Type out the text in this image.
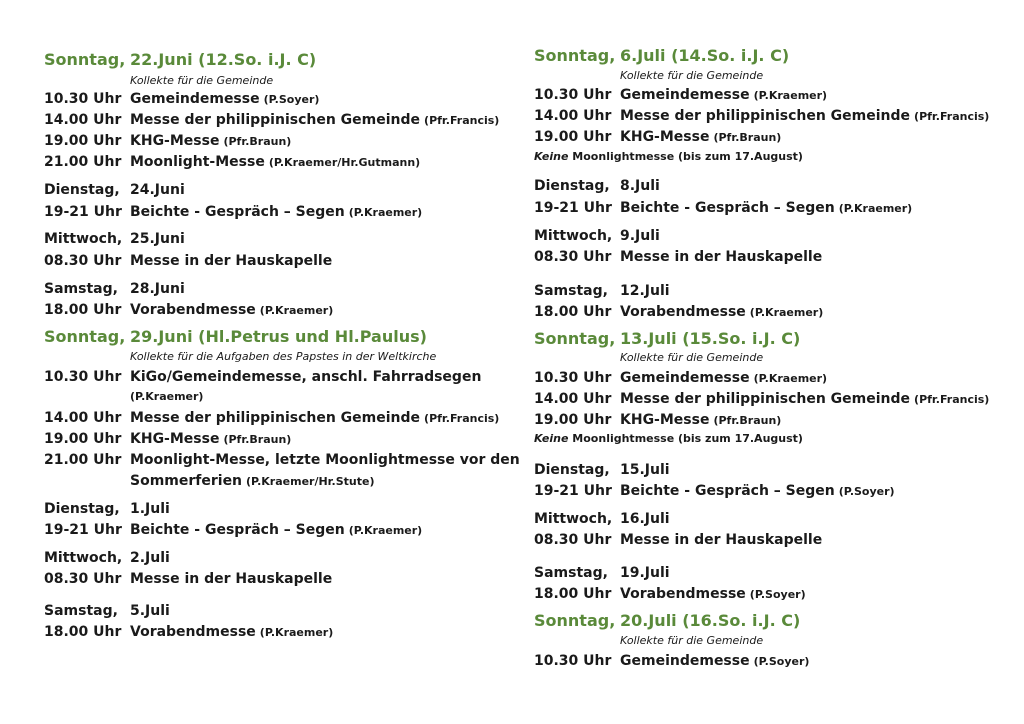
Sonntag, 22.Juni (12.So. i.J. C)
Kollekte für die Gemeinde
10.30 Uhr Gemeindemesse (P.Soyer)
14.00 Uhr Messe der philippinischen Gemeinde (Pfr.Francis)
19.00 Uhr KHG-Messe (Pfr.Braun)
21.00 Uhr Moonlight-Messe (P.Kraemer/Hr.Gutmann)
Dienstag, 24.Juni
19-21 Uhr Beichte - Gespräch – Segen (P.Kraemer)
Mittwoch, 25.Juni
08.30 Uhr Messe in der Hauskapelle
Samstag, 28.Juni
18.00 Uhr Vorabendmesse (P.Kraemer)
Sonntag, 29.Juni (Hl.Petrus und Hl.Paulus)
Kollekte für die Aufgaben des Papstes in der Weltkirche
10.30 Uhr KiGo/Gemeindemesse, anschl. Fahrradsegen
(P.Kraemer)
14.00 Uhr Messe der philippinischen Gemeinde (Pfr.Francis)
19.00 Uhr KHG-Messe (Pfr.Braun)
21.00 Uhr Moonlight-Messe, letzte Moonlightmesse vor den
Sommerferien (P.Kraemer/Hr.Stute)
Dienstag, 1.Juli
19-21 Uhr Beichte - Gespräch – Segen (P.Kraemer)
Mittwoch, 2.Juli
08.30 Uhr Messe in der Hauskapelle
Samstag, 5.Juli
18.00 Uhr Vorabendmesse (P.Kraemer)
Sonntag, 6.Juli (14.So. i.J. C)
Kollekte für die Gemeinde
10.30 Uhr Gemeindemesse (P.Kraemer)
14.00 Uhr Messe der philippinischen Gemeinde (Pfr.Francis)
19.00 Uhr KHG-Messe (Pfr.Braun)
Keine Moonlightmesse (bis zum 17.August)
Dienstag, 8.Juli
19-21 Uhr Beichte - Gespräch – Segen (P.Kraemer)
Mittwoch, 9.Juli
08.30 Uhr Messe in der Hauskapelle
Samstag, 12.Juli
18.00 Uhr Vorabendmesse (P.Kraemer)
Sonntag, 13.Juli (15.So. i.J. C)
Kollekte für die Gemeinde
10.30 Uhr Gemeindemesse (P.Kraemer)
14.00 Uhr Messe der philippinischen Gemeinde (Pfr.Francis)
19.00 Uhr KHG-Messe (Pfr.Braun)
Keine Moonlightmesse (bis zum 17.August)
Dienstag, 15.Juli
19-21 Uhr Beichte - Gespräch – Segen (P.Soyer)
Mittwoch, 16.Juli
08.30 Uhr Messe in der Hauskapelle
Samstag, 19.Juli
18.00 Uhr Vorabendmesse (P.Soyer)
Sonntag, 20.Juli (16.So. i.J. C)
Kollekte für die Gemeinde
10.30 Uhr Gemeindemesse (P.Soyer)
